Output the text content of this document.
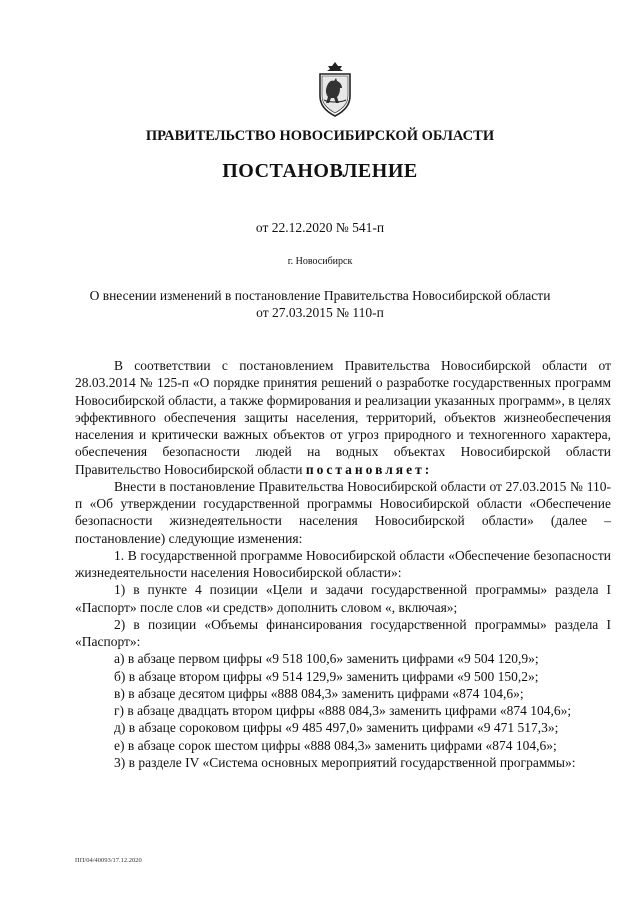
ПРАВИТЕЛЬСТВО НОВОСИБИРСКОЙ ОБЛАСТИ
ПОСТАНОВЛЕНИЕ
от 22.12.2020 № 541-п
г. Новосибирск
О внесении изменений в постановление Правительства Новосибирской области
от 27.03.2015 № 110-п

В соответствии с постановлением Правительства Новосибирской области от 28.03.2014 № 125-п «О порядке принятия решений о разработке государственных программ Новосибирской области, а также формирования и реализации указанных программ», в целях эффективного обеспечения защиты населения, территорий, объектов жизнеобеспечения населения и критически важных объектов от угроз природного и техногенного характера, обеспечения безопасности людей на водных объектах Новосибирской области Правительство Новосибирской области постановляет:

Внести в постановление Правительства Новосибирской области от 27.03.2015 № 110-п «Об утверждении государственной программы Новосибирской области «Обеспечение безопасности жизнедеятельности населения Новосибирской области» (далее – постановление) следующие изменения:

1. В государственной программе Новосибирской области «Обеспечение безопасности жизнедеятельности населения Новосибирской области»:

1) в пункте 4 позиции «Цели и задачи государственной программы» раздела I «Паспорт» после слов «и средств» дополнить словом «, включая»;

2) в позиции «Объемы финансирования государственной программы» раздела I «Паспорт»:

а) в абзаце первом цифры «9 518 100,6» заменить цифрами «9 504 120,9»;

б) в абзаце втором цифры «9 514 129,9» заменить цифрами «9 500 150,2»;

в) в абзаце десятом цифры «888 084,3» заменить цифрами «874 104,6»;

г) в абзаце двадцать втором цифры «888 084,3» заменить цифрами «874 104,6»;

д) в абзаце сороковом цифры «9 485 497,0» заменить цифрами «9 471 517,3»;

е) в абзаце сорок шестом цифры «888 084,3» заменить цифрами «874 104,6»;

3) в разделе IV «Система основных мероприятий государственной программы»:

ПП/04/40093/17.12.2020
